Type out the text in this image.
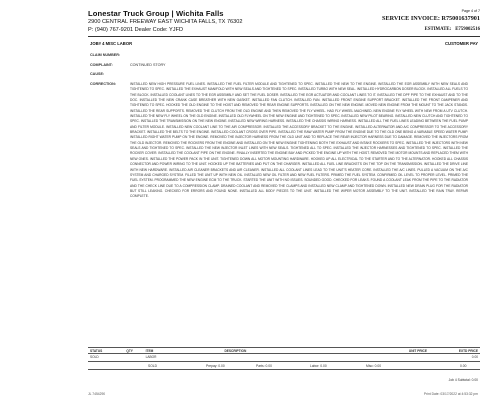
Lonestar Truck Group | Wichita Falls
2900 CENTRAL FREEWAY EAST WICHITA FALLS, TX 76302
P: (940) 767-9201 Dealer Code: YJFD
Page 4 of 7
SERVICE INVOICE: R75001637901
ESTIMATE: E759002516
JOB# 4 MISC LABOR	CUSTOMER PAY
CLAIM NUMBER:
COMPLAINT:	CONTINUED STORY
CAUSE:
CORRECTION:	INSTALLED NEW HIGH PRESSURE FUEL LINES. INSTALLED THE FUEL FILTER MODULE AND TIGHTENED TO SPEC. INSTALLED THE NEW TO THE ENGINE. INSTALLED THE EGR ASSEMBLY WITH NEW SEALS AND TIGHTENED TO SPEC. INSTALLED THE EXHAUST MANIFOLD WITH NEW SEALS AND TIGHTENED TO SPEC. INSTALLED TURBO WITH NEW SEAL. INSTALLED HYDROCARBON DOSER BLOCK. INSTALLED ALL FUELS TO THE BLOCK. INSTALLED COOLANT LINES TO THE EGR ASSEMBLY AND SET THE FUEL DOSER. INSTALLED THE EGR ACTUATOR AND COOLANT LINES TO IT. INSTALLED THE DPF PIPE TO THE EXHAUST AND TO THE DOC. INSTALLED THE NEW CRANK CASE BREATHER WITH NEW GASKET. INSTALLED FAN CLUTCH. INSTALLED FAN. INSTALLED FRONT ENGINE SUPPORT BRACKET. INSTALLED THE FRONT DAMPENER AND TIGHTENED TO SPEC. HOOKED THE OLD ENGINE TO THE HOIST AND REMOVED THE REAR ENGINE SUPPORTS. INSTALLED ON THE NEW ENGINE. MOVED NEW ENGINE FROM THE MOUNT TO THE JACK STANDS. INSTALLED THE REAR SUPPORTS. REMOVED THE CLUTCH FROM THE OLD ENGINE AND THEN REMOVED THE FLY WHEEL. HAD FLY WHEEL MACHINED. NEW ENGINE FLY WHEEL WITH NEW FROM A UTV CLUTCH. INSTALLED THE NEW FLY WHEEL ON THE OLD ENGINE. INSTALLED OLD FLYWHEEL ON THE NEW ENGINE AND TIGHTENED TO SPEC. INSTALLED NEW PILOT BEARING. INSTALLED NEW CLUTCH AND TIGHTENED TO SPEC. INSTALLED THE TRANSMISSION ON THE NEW ENGINE. INSTALLED NEW WIRING HARNESS. INSTALLED THE CHASSIS WIRING HARNESS. INSTALLED ALL THE FUEL LINES LEADING BETWEEN THE FUEL PUMP AND FILTER MODULE. INSTALLED NEW COOLANT LINE TO THE AIR COMPRESSOR. INSTALLED THE ACCESSORY BRACKET TO THE ENGINE. INSTALLED ALTERNATOR AND A/C COMPRESSOR TO THE ACCESSORY BRACKET. INSTALLED THE BELTS TO THE ENGINE. INSTALLED COOLANT CROSS OVER PIPE. INSTALLED THE RAW WATER PUMP FROM THE ENGINE DUE TO THE OLD ONE BEING A VARIABLE SPEED WATER PUMP. INSTALLED RIGHT WATER PUMP ON THE ENGINE. REMOVED THE INJECTOR HARNESS FROM THE OLD UNIT AND TO REPLACE THE REAR INJECTOR HARNESS DUE TO DAMAGE. REMOVED THE INJECTORS FROM THE OLD INJECTOR. REMOVED THE ROCKERS FROM THE ENGINE AND INSTALLED ON THE NEW ENGINE TIGHTENING BOTH THE EXHAUST AND INTAKE ROCKERS TO SPEC. INSTALLED THE INJECTORS WITH NEW SEALS AND TIGHTENED TO SPEC. INSTALLED THE NEW INJECTOR INLET LINES WITH NEW SEALS. TIGHTENED ALL TO SPEC. INSTALLED THE INJECTOR HARNESSES AND TIGHTENED TO SPEC. INSTALLED THE ROCKER COVER. INSTALLED THE COOLANT PIPE ON THE ENGINE. FINALLY INSERTED THE ENGINE BAY AND PICKED THE ENGINE UP WITH THE HOIST. REMOVED THE MOTOR MOUNTS AND REPLACED THEM WITH NEW ONES. INSTALLED THE POWER PACK IN THE UNIT. TIGHTENED DOWN ALL MOTOR MOUNTING HARDWARE. HOOKED UP ALL ELECTRICAL TO THE STARTER AND TO THE ALTERNATOR. HOOKED ALL CHASSIS CONNECTOR AND POWER WIRING TO THE UNIT. HOOKED UP THE BATTERIES AND PUT ON THE CHARGER. INSTALLED ALL FUEL LINE BRACKETS ON THE TOP ON THE TRANSMISSION. INSTALLED THE DRIVE LINE WITH NEW HARDWARE. INSTALLED AIR CLEANER BRACKETS AND AIR CLEANER. INSTALLED ALL COOLANT LINES LEAD TO THE UNIT'S HEATER CORE. INSTALLED THE A/C LINES. PULLED A VACUUM ON THE A/C SYSTEM AND CHARGED SYSTEM. FILLED THE UNIT UP WITH NEW OIL. INSTALLED NEW OIL FILTER AND NEW FUEL FILTERS. PRIMED THE FUEL SYSTEM. CONFIRMED OIL LEVEL TO PROPER LEVEL. PRIMED THE FUEL SYSTEM. PROGRAMMED THE NEW ENGINE ECM TO THE TRUCK. STARTED THE UNIT WITH NO ISSUES. SOUNDED GOOD. CHECKED FOR LEAKS. FOUND A COOLANT LEAK FROM THE PIPE TO THE RADIATOR AND THE CHECK LINE DUE TO A COMPRESSION CLAMP. DRAINED COOLANT AND REMOVED THE CLAMPS AND INSTALLED NEW CLAMP AND TIGHTENED DOWN. INSTALLED NEW DRAIN PLUG FOR THE RADIATOR BUT STILL LEAKING. CHECKED FOR ERRORS AND FOUND NONE. INSTALLED ALL BODY PIECES TO THE UNIT. INSTALLED THE WIPER MOTOR ASSEMBLY TO THE UNIT. INSTALLED THE RAIN TRAY. REPAIR COMPLETE.

STATUS	QTY	ITEM	DESCRIPTION	UNIT PRICE	EXTD PRICE
SOLD		LABOR			0.00
SOLD	Prepay: 0.00	Parts: 0.00	Labor: 0.00	Misc: 0.00	0.00
Job 4 Subtotal: 0.00
JL 7454290	Print Date: 03/17/2022 at 4:53:32 pm
